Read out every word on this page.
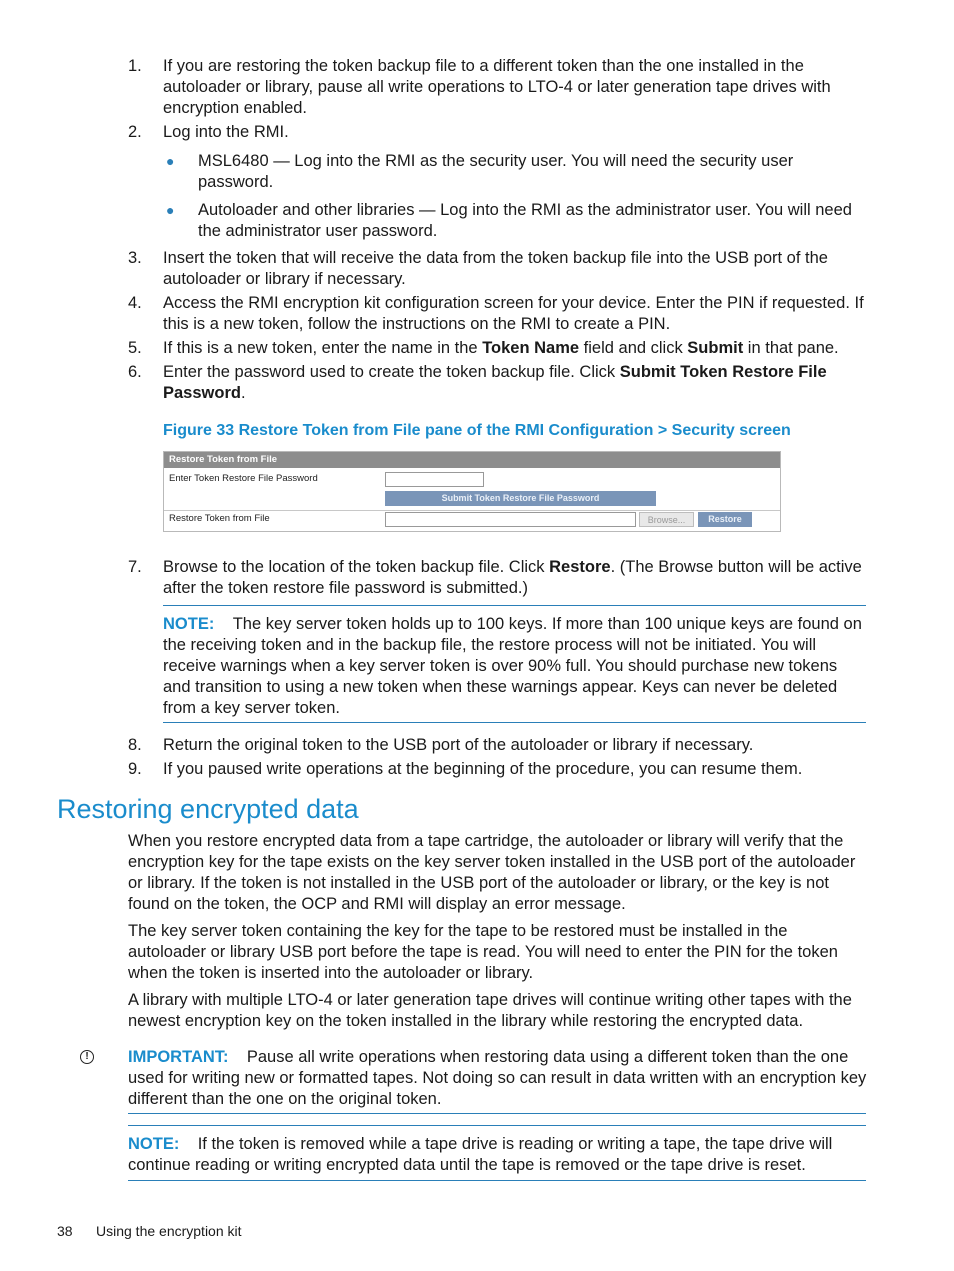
1.	If you are restoring the token backup file to a different token than the one installed in the autoloader or library, pause all write operations to LTO-4 or later generation tape drives with encryption enabled.
2.	Log into the RMI.
● MSL6480 — Log into the RMI as the security user. You will need the security user password.
● Autoloader and other libraries — Log into the RMI as the administrator user. You will need the administrator user password.
3.	Insert the token that will receive the data from the token backup file into the USB port of the autoloader or library if necessary.
4.	Access the RMI encryption kit configuration screen for your device. Enter the PIN if requested. If this is a new token, follow the instructions on the RMI to create a PIN.
5.	If this is a new token, enter the name in the Token Name field and click Submit in that pane.
6.	Enter the password used to create the token backup file. Click Submit Token Restore File Password.
Figure 33 Restore Token from File pane of the RMI Configuration > Security screen
Restore Token from File
Enter Token Restore File Password
Submit Token Restore File Password
Restore Token from File	Browse...	Restore
7.	Browse to the location of the token backup file. Click Restore. (The Browse button will be active after the token restore file password is submitted.)
NOTE: The key server token holds up to 100 keys. If more than 100 unique keys are found on the receiving token and in the backup file, the restore process will not be initiated. You will receive warnings when a key server token is over 90% full. You should purchase new tokens and transition to using a new token when these warnings appear. Keys can never be deleted from a key server token.
8.	Return the original token to the USB port of the autoloader or library if necessary.
9.	If you paused write operations at the beginning of the procedure, you can resume them.
Restoring encrypted data
When you restore encrypted data from a tape cartridge, the autoloader or library will verify that the encryption key for the tape exists on the key server token installed in the USB port of the autoloader or library. If the token is not installed in the USB port of the autoloader or library, or the key is not found on the token, the OCP and RMI will display an error message.
The key server token containing the key for the tape to be restored must be installed in the autoloader or library USB port before the tape is read. You will need to enter the PIN for the token when the token is inserted into the autoloader or library.
A library with multiple LTO-4 or later generation tape drives will continue writing other tapes with the newest encryption key on the token installed in the library while restoring the encrypted data.
!	IMPORTANT: Pause all write operations when restoring data using a different token than the one used for writing new or formatted tapes. Not doing so can result in data written with an encryption key different than the one on the original token.
NOTE: If the token is removed while a tape drive is reading or writing a tape, the tape drive will continue reading or writing encrypted data until the tape is removed or the tape drive is reset.
38 Using the encryption kit
